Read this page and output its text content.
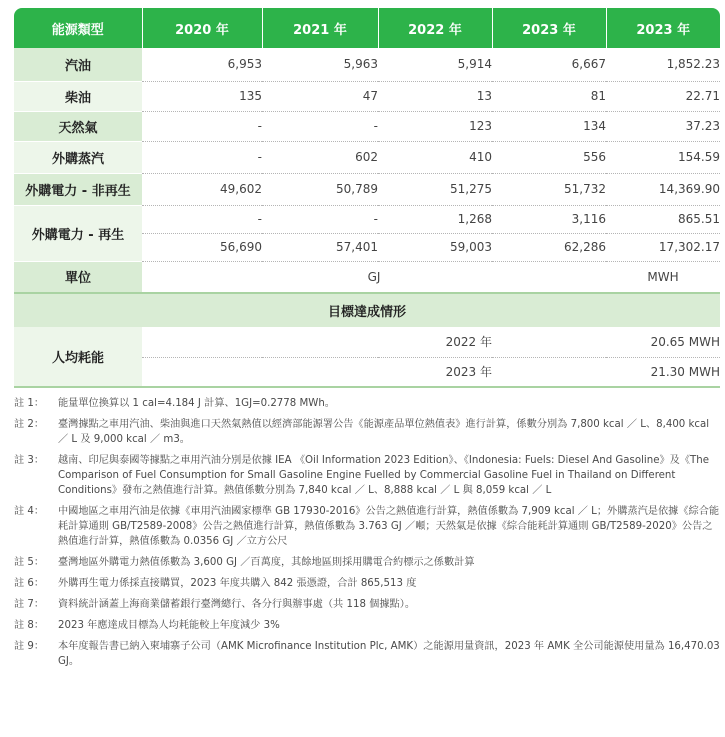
能源類型	2020 年	2021 年	2022 年	2023 年	2023 年
汽油	6,953	5,963	5,914	6,667	1,852.23
柴油	135	47	13	81	22.71
天然氣	-	-	123	134	37.23
外購蒸汽	-	602	410	556	154.59
外購電力 - 非再生	49,602	50,789	51,275	51,732	14,369.90
外購電力 - 再生	-	-	1,268	3,116	865.51
	56,690	57,401	59,003	62,286	17,302.17
單位	GJ				MWH
目標達成情形					
人均耗能	2022 年			20.65 MWH	
	2023 年			21.30 MWH	
註 1：	能量單位換算以 1 cal=4.184 J 計算、1GJ=0.2778 MWh。
註 2：	臺灣據點之車用汽油、柴油與進口天然氣熱值以經濟部能源署公告《能源產品單位熱值表》進行計算，係數分別為 7,800 kcal ／ L、8,400 kcal ／ L 及 9,000 kcal ／ m3。
註 3：	越南、印尼與泰國等據點之車用汽油分別是依據 IEA 《Oil Information 2023 Edition》、《Indonesia: Fuels: Diesel And Gasoline》及《The Comparison of Fuel Consumption for Small Gasoline Engine Fuelled by Commercial Gasoline Fuel in Thailand on Different Conditions》發布之熱值進行計算。熱值係數分別為 7,840 kcal ／ L、8,888 kcal ／ L 與 8,059 kcal ／ L
註 4：	中國地區之車用汽油是依據《車用汽油國家標準 GB 17930-2016》公告之熱值進行計算，熱值係數為 7,909 kcal ／ L；外購蒸汽是依據《綜合能耗計算通則 GB/T2589-2008》公告之熱值進行計算，熱值係數為 3.763 GJ ／噸；天然氣是依據《綜合能耗計算通則 GB/T2589-2020》公告之熱值進行計算，熱值係數為 0.0356 GJ ／立方公尺
註 5：	臺灣地區外購電力熱值係數為 3,600 GJ ／百萬度，其餘地區則採用購電合約標示之係數計算
註 6：	外購再生電力係採直接購買，2023 年度共購入 842 張憑證，合計 865,513 度
註 7：	資料統計涵蓋上海商業儲蓄銀行臺灣總行、各分行與辦事處（共 118 個據點）。
註 8：	2023 年應達成目標為人均耗能較上年度減少 3%
註 9：	本年度報告書已納入柬埔寨子公司（AMK Microfinance Institution Plc, AMK）之能源用量資訊，2023 年 AMK 全公司能源使用量為 16,470.03 GJ。
